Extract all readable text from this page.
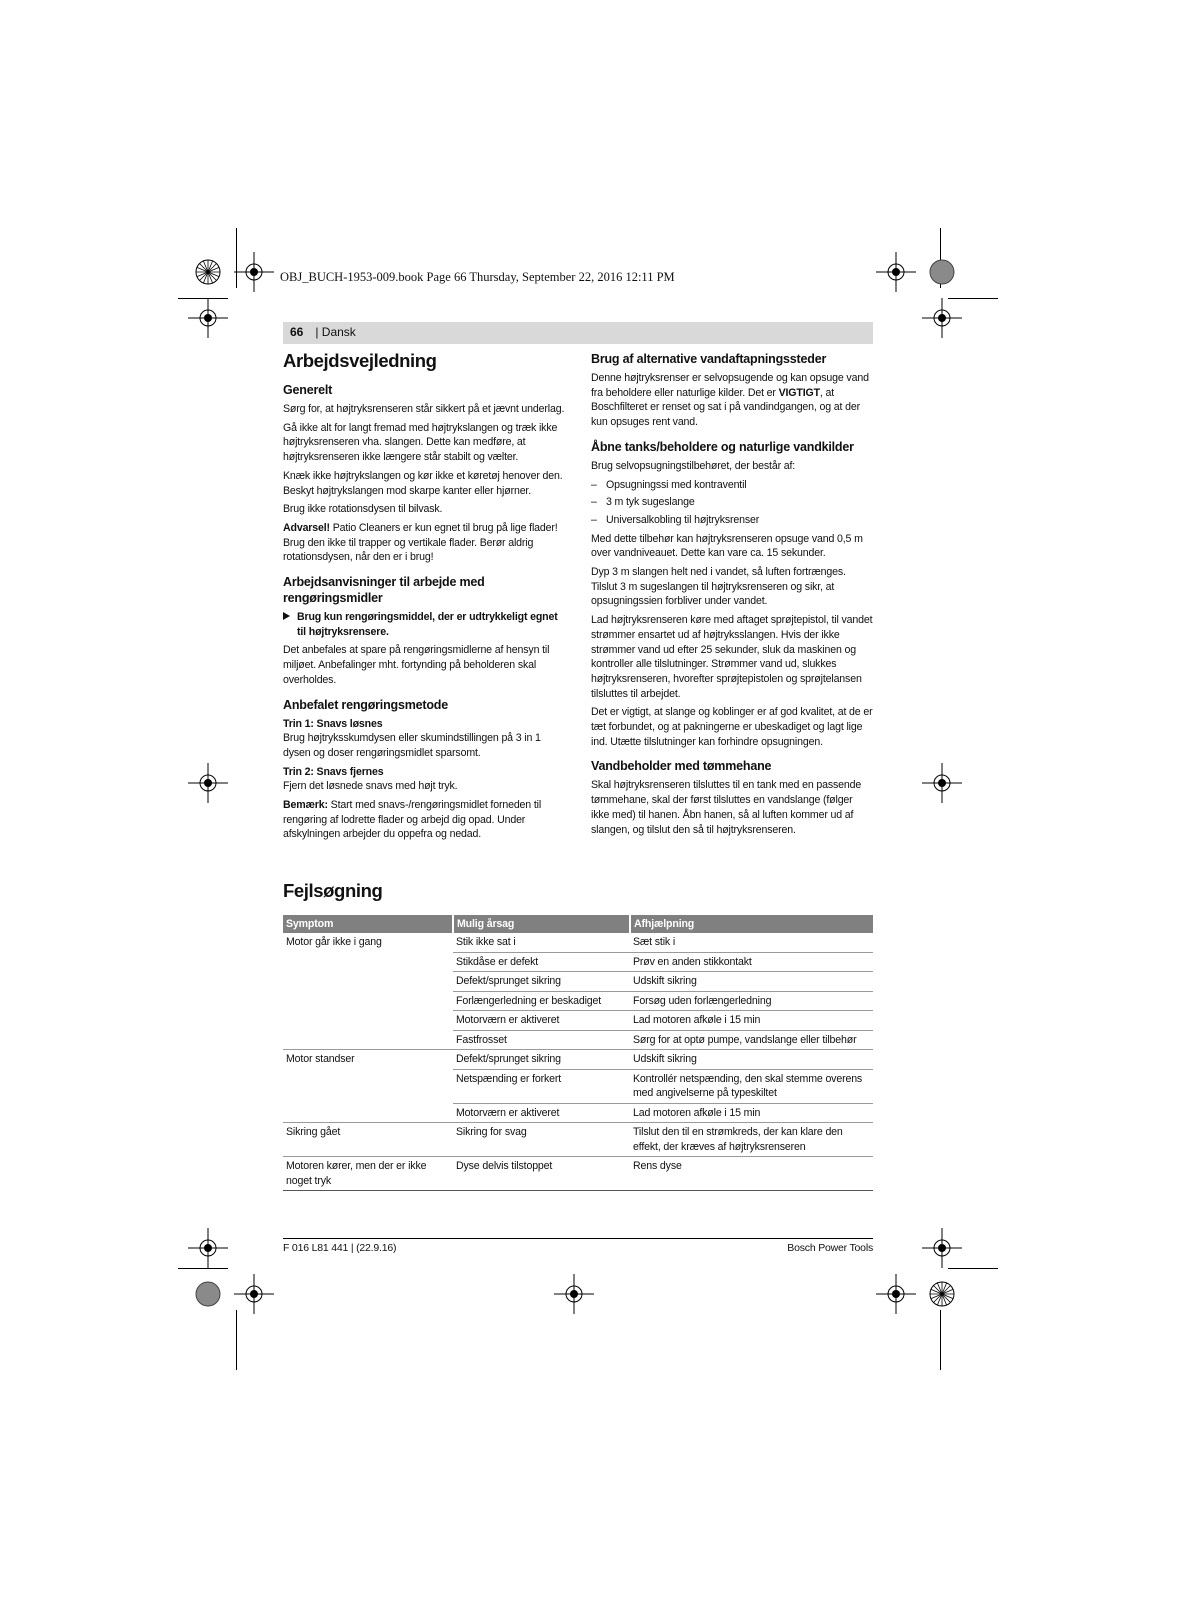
OBJ_BUCH-1953-009.book Page 66 Thursday, September 22, 2016 12:11 PM
66 | Dansk
Arbejdsvejledning
Generelt

Sørg for, at højtryksrenseren står sikkert på et jævnt underlag.

Gå ikke alt for langt fremad med højtrykslangen og træk ikke højtryksrenseren vha. slangen. Dette kan medføre, at højtryksrenseren ikke længere står stabilt og vælter.

Knæk ikke højtrykslangen og kør ikke et køretøj henover den. Beskyt højtrykslangen mod skarpe kanter eller hjørner.

Brug ikke rotationsdysen til bilvask.

Advarsel! Patio Cleaners er kun egnet til brug på lige flader! Brug den ikke til trapper og vertikale flader. Berør aldrig rotationsdysen, når den er i brug!

Arbejdsanvisninger til arbejde med rengøringsmidler
Brug kun rengøringsmiddel, der er udtrykkeligt egnet til højtryksrensere.

Det anbefales at spare på rengøringsmidlerne af hensyn til miljøet. Anbefalinger mht. fortynding på beholderen skal overholdes.

Anbefalet rengøringsmetode
Trin 1: Snavs løsnes

Brug højtryksskumdysen eller skumindstillingen på 3 in 1 dysen og doser rengøringsmidlet sparsomt.

Trin 2: Snavs fjernes

Fjern det løsnede snavs med højt tryk.

Bemærk: Start med snavs-/rengøringsmidlet forneden til rengøring af lodrette flader og arbejd dig opad. Under afskylningen arbejder du oppefra og nedad.

Brug af alternative vandaftapningssteder

Denne højtryksrenser er selvopsugende og kan opsuge vand fra beholdere eller naturlige kilder. Det er VIGTIGT, at Boschfilteret er renset og sat i på vandindgangen, og at der kun opsuges rent vand.

Åbne tanks/beholdere og naturlige vandkilder

Brug selvopsugningstilbehøret, der består af:

– Opsugningssi med kontraventil
– 3 m tyk sugeslange
– Universalkobling til højtryksrenser

Med dette tilbehør kan højtryksrenseren opsuge vand 0,5 m over vandniveauet. Dette kan vare ca. 15 sekunder.

Dyp 3 m slangen helt ned i vandet, så luften fortrænges. Tilslut 3 m sugeslangen til højtryksrenseren og sikr, at opsugningssien forbliver under vandet.

Lad højtryksrenseren køre med aftaget sprøjtepistol, til vandet strømmer ensartet ud af højtryksslangen. Hvis der ikke strømmer vand ud efter 25 sekunder, sluk da maskinen og kontroller alle tilslutninger. Strømmer vand ud, slukkes højtryksrenseren, hvorefter sprøjtepistolen og sprøjtelansen tilsluttes til arbejdet.

Det er vigtigt, at slange og koblinger er af god kvalitet, at de er tæt forbundet, og at pakningerne er ubeskadiget og lagt lige ind. Utætte tilslutninger kan forhindre opsugningen.

Vandbeholder med tømmehane

Skal højtryksrenseren tilsluttes til en tank med en passende tømmehane, skal der først tilsluttes en vandslange (følger ikke med) til hanen. Åbn hanen, så al luften kommer ud af slangen, og tilslut den så til højtryksrenseren.

Fejlsøgning
Symptom	Mulig årsag	Afhjælpning
Motor går ikke i gang	Stik ikke sat i	Sæt stik i
	Stikdåse er defekt	Prøv en anden stikkontakt
	Defekt/sprunget sikring	Udskift sikring
	Forlængerledning er beskadiget	Forsøg uden forlængerledning
	Motorværn er aktiveret	Lad motoren afkøle i 15 min
	Fastfrosset	Sørg for at optø pumpe, vandslange eller tilbehør
Motor standser	Defekt/sprunget sikring	Udskift sikring
	Netspænding er forkert	Kontrollér netspænding, den skal stemme overens med angivelserne på typeskiltet
	Motorværn er aktiveret	Lad motoren afkøle i 15 min
Sikring gået	Sikring for svag	Tilslut den til en strømkreds, der kan klare den effekt, der kræves af højtryksrenseren
Motoren kører, men der er ikke noget tryk	Dyse delvis tilstoppet	Rens dyse
F 016 L81 441 | (22.9.16)	Bosch Power Tools
